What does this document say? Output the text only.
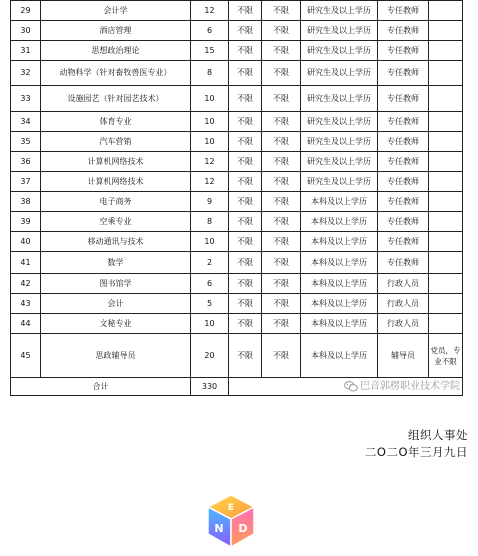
29	会计学	12	不限	不限	研究生及以上学历	专任教师	
30	酒店管理	6	不限	不限	研究生及以上学历	专任教师	
31	思想政治理论	15	不限	不限	研究生及以上学历	专任教师	
32	动物科学（针对畜牧兽医专业）	8	不限	不限	研究生及以上学历	专任教师	
33	设施园艺（针对园艺技术）	10	不限	不限	研究生及以上学历	专任教师	
34	体育专业	10	不限	不限	研究生及以上学历	专任教师	
35	汽车营销	10	不限	不限	研究生及以上学历	专任教师	
36	计算机网络技术	12	不限	不限	研究生及以上学历	专任教师	
37	计算机网络技术	12	不限	不限	研究生及以上学历	专任教师	
38	电子商务	9	不限	不限	本科及以上学历	专任教师	
39	空乘专业	8	不限	不限	本科及以上学历	专任教师	
40	移动通讯与技术	10	不限	不限	本科及以上学历	专任教师	
41	数学	2	不限	不限	本科及以上学历	专任教师	
42	图书馆学	6	不限	不限	本科及以上学历	行政人员	
43	会计	5	不限	不限	本科及以上学历	行政人员	
44	文秘专业	10	不限	不限	本科及以上学历	行政人员	
45	思政辅导员	20	不限	不限	本科及以上学历	辅导员	党员，专业不限
合计		330	巴音郭楞职业技术学院				
组织人事处
二O二O年三月九日
E
N D
